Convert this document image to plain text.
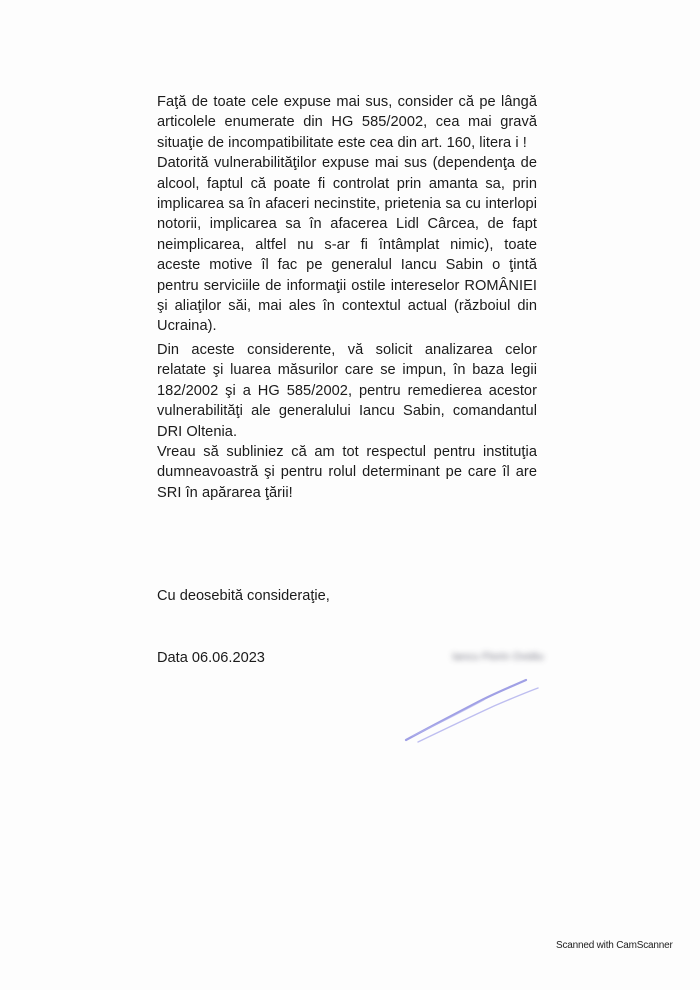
Faţă de toate cele expuse mai sus, consider că pe lângă articolele enumerate din HG 585/2002, cea mai gravă situaţie de incompatibilitate este cea din art. 160, litera i !

Datorită vulnerabilităţilor expuse mai sus (dependenţa de alcool, faptul că poate fi controlat prin amanta sa, prin implicarea sa în afaceri necinstite, prietenia sa cu interlopi notorii, implicarea sa în afacerea Lidl Cârcea, de fapt neimplicarea, altfel nu s-ar fi întâmplat nimic), toate aceste motive îl fac pe generalul Iancu Sabin o ţintă pentru serviciile de informaţii ostile intereselor ROMÂNIEI şi aliaţilor săi, mai ales în contextul actual (războiul din Ucraina).

Din aceste considerente, vă solicit analizarea celor relatate şi luarea măsurilor care se impun, în baza legii 182/2002 şi a HG 585/2002, pentru remedierea acestor vulnerabilităţi ale generalului Iancu Sabin, comandantul DRI Oltenia.

Vreau să subliniez că am tot respectul pentru instituţia dumneavoastră şi pentru rolul determinant pe care îl are SRI în apărarea ţării!

Cu deosebită consideraţie,
Data 06.06.2023	Iancu Florin Ovidiu
Scanned with CamScanner
